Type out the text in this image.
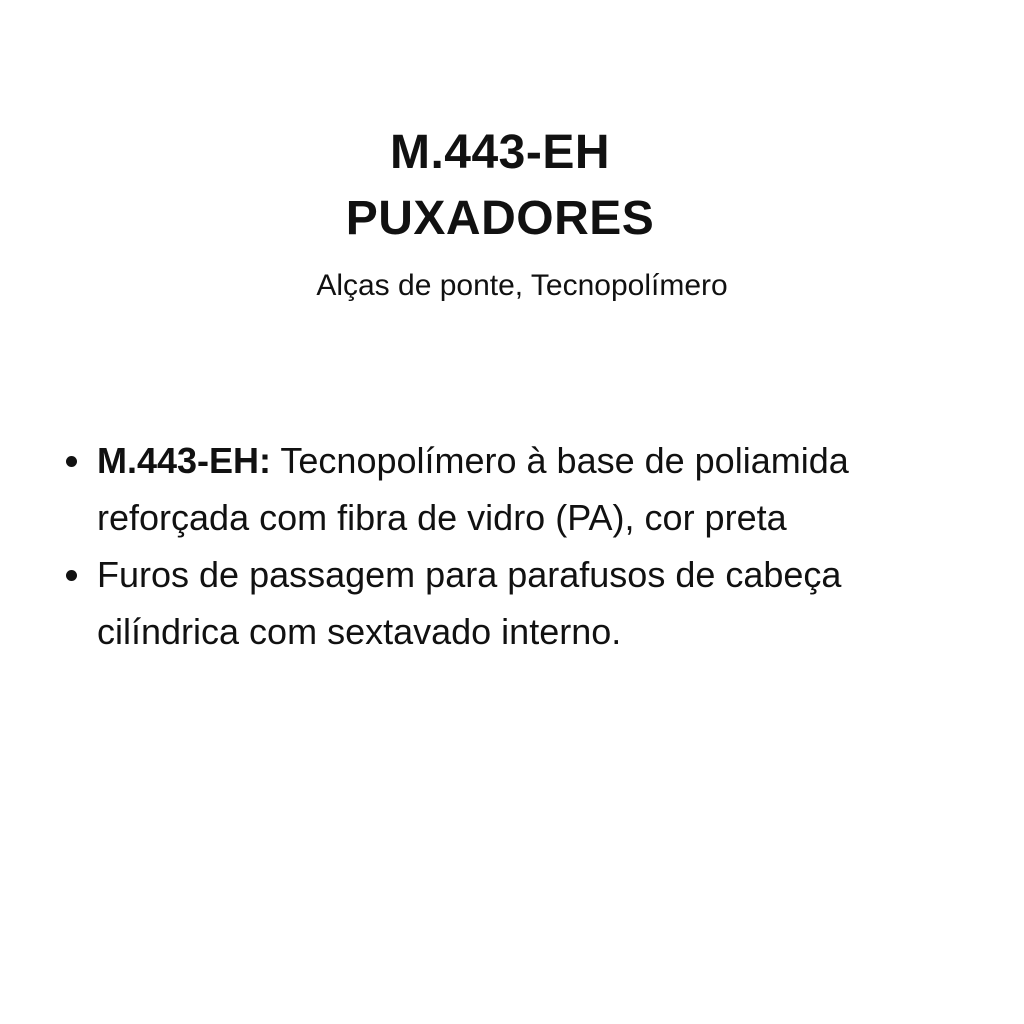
M.443-EH
PUXADORES

Alças de ponte, Tecnopolímero

M.443-EH: Tecnopolímero à base de poliamida reforçada com fibra de vidro (PA), cor preta
Furos de passagem para parafusos de cabeça cilíndrica com sextavado interno.
